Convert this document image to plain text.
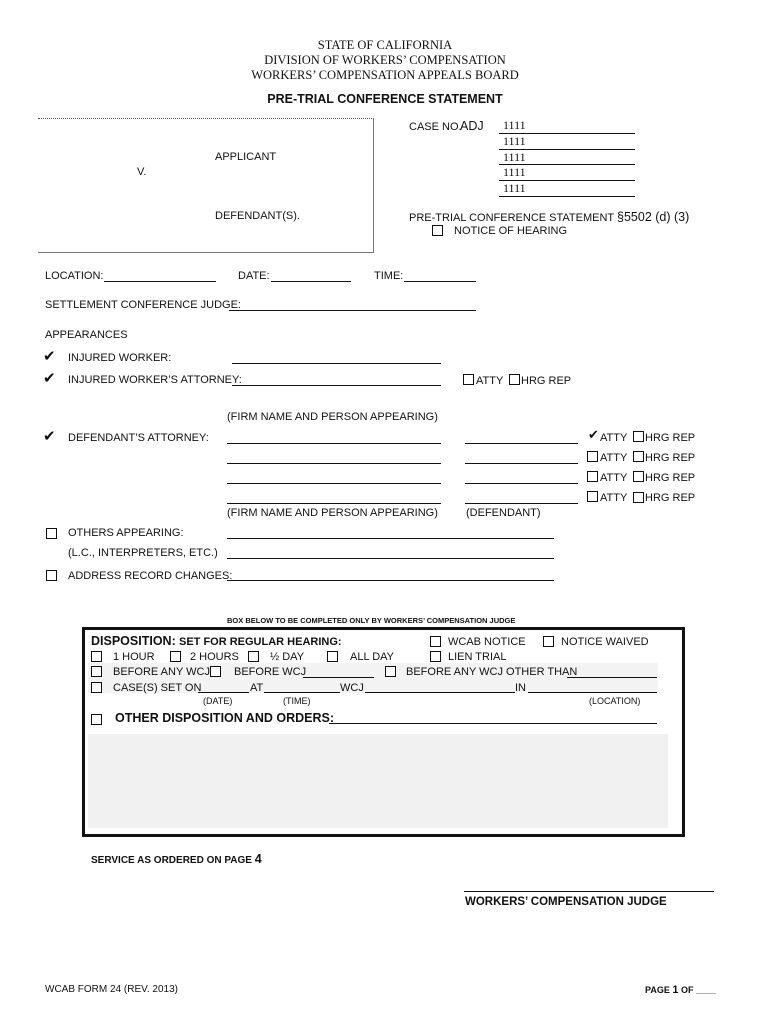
STATE OF CALIFORNIA
DIVISION OF WORKERS’ COMPENSATION
WORKERS’ COMPENSATION APPEALS BOARD
PRE-TRIAL CONFERENCE STATEMENT
APPLICANT
V.
DEFENDANT(S).
CASE NO.
ADJ	1111
1111
1111
1111
1111
PRE-TRIAL CONFERENCE STATEMENT §5502 (d) (3)
NOTICE OF HEARING
LOCATION:	DATE:	TIME:
SETTLEMENT CONFERENCE JUDGE:
APPEARANCES
✔ INJURED WORKER:
✔ INJURED WORKER’S ATTORNEY:	ATTY HRG REP
(FIRM NAME AND PERSON APPEARING)
✔ DEFENDANT’S ATTORNEY:	✔ ATTY HRG REP
ATTY HRG REP
ATTY HRG REP
ATTY HRG REP
(FIRM NAME AND PERSON APPEARING)	(DEFENDANT)
OTHERS APPEARING:
(L.C., INTERPRETERS, ETC.)
ADDRESS RECORD CHANGES:
BOX BELOW TO BE COMPLETED ONLY BY WORKERS’ COMPENSATION JUDGE
DISPOSITION: SET FOR REGULAR HEARING:	WCAB NOTICE	NOTICE WAIVED
1 HOUR	2 HOURS	½ DAY	ALL DAY	LIEN TRIAL
BEFORE ANY WCJ BEFORE WCJ	BEFORE ANY WCJ OTHER THAN
CASE(S) SET ON	AT	WCJ	IN
(DATE)	(TIME)	(LOCATION)
OTHER DISPOSITION AND ORDERS:
SERVICE AS ORDERED ON PAGE 4
WORKERS’ COMPENSATION JUDGE
WCAB FORM 24 (REV. 2013)	PAGE 1 OF ____
